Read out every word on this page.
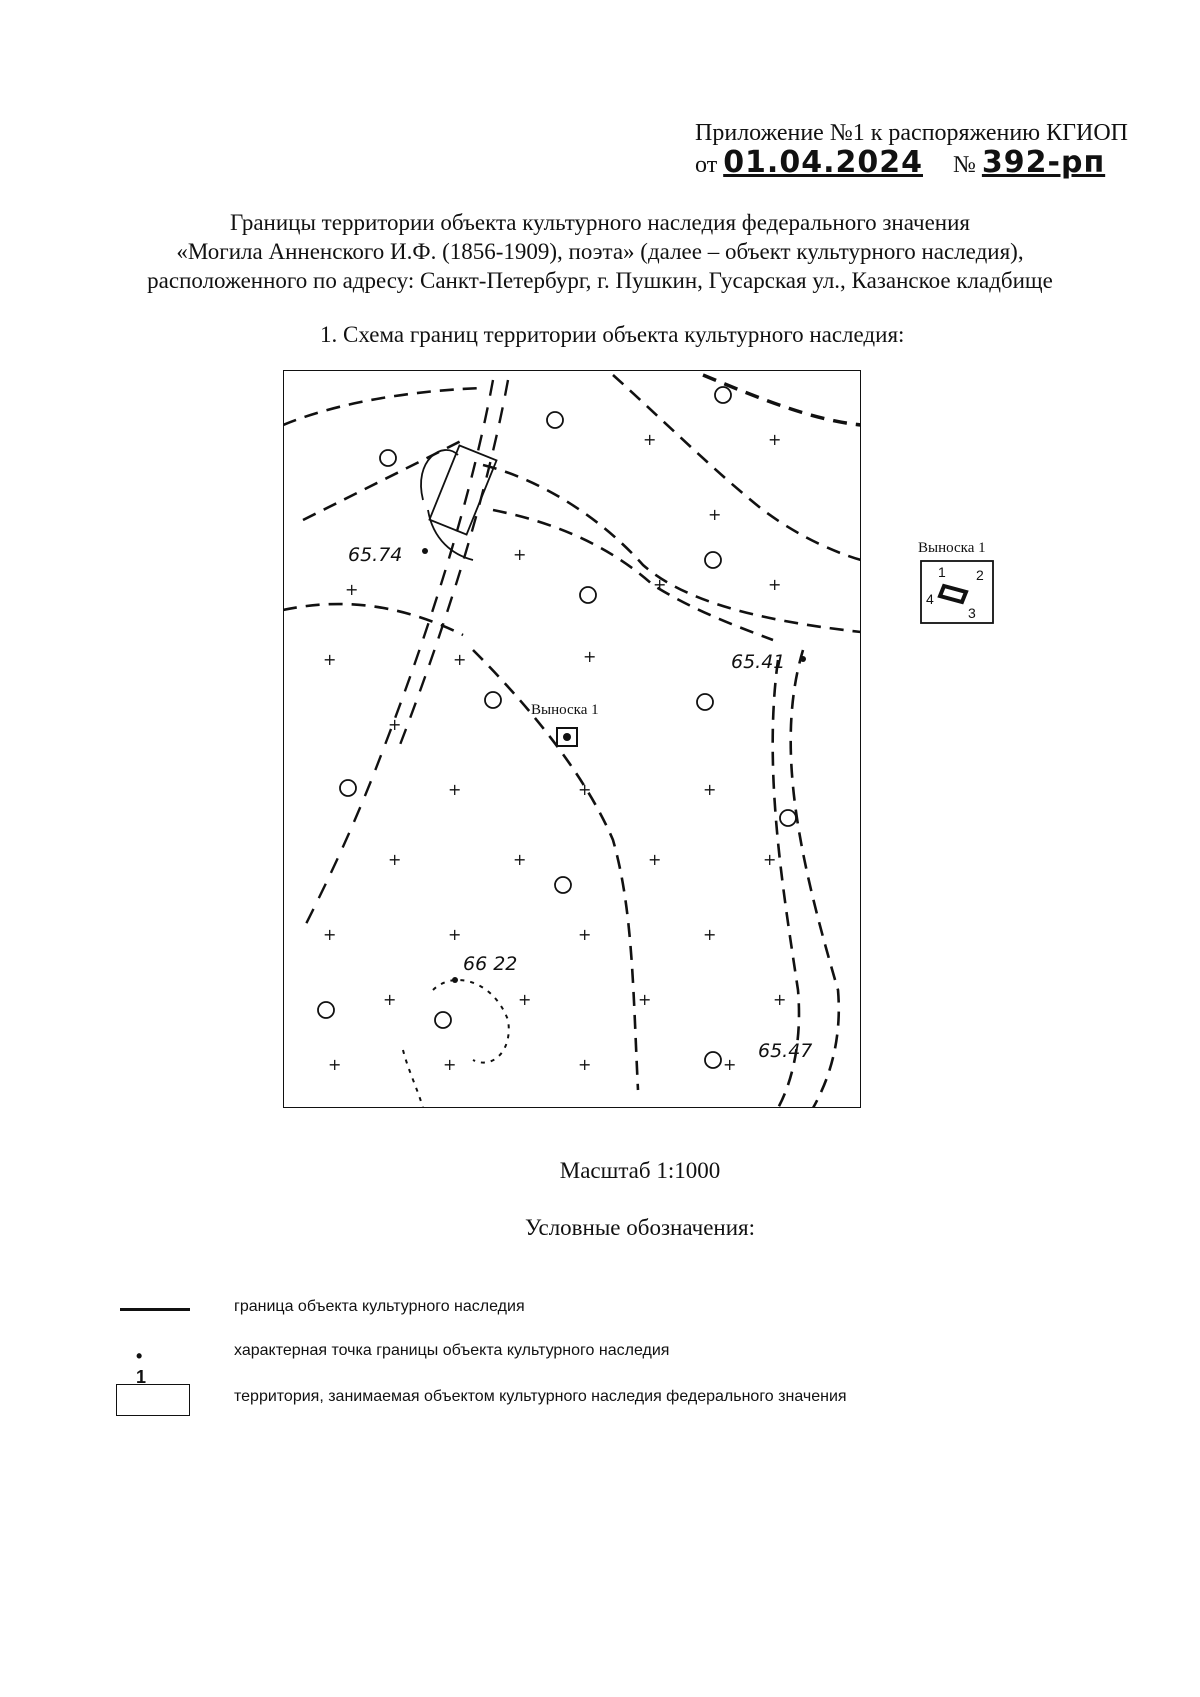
Приложение №1 к распоряжению КГИОП
от 01.04.2024 № 392-рп
Границы территории объекта культурного наследия федерального значения
«Могила Анненского И.Ф. (1856-1909), поэта» (далее – объект культурного наследия),
расположенного по адресу: Санкт-Петербург, г. Пушкин, Гусарская ул., Казанское кладбище
1. Схема границ территории объекта культурного наследия:
+
+
+	+
+
+	+
+	+
+
+
+	+	+
+	+	+	+
+	+	+	+
+
+	+
+	+	+	+
+
Выноска 1
65.74
65.41
66 22
65.47
Выноска 1
1 2
3
4
Масштаб 1:1000
Условные обозначения:
граница объекта культурного наследия
• 1
характерная точка границы объекта культурного наследия
территория, занимаемая объектом культурного наследия федерального значения
